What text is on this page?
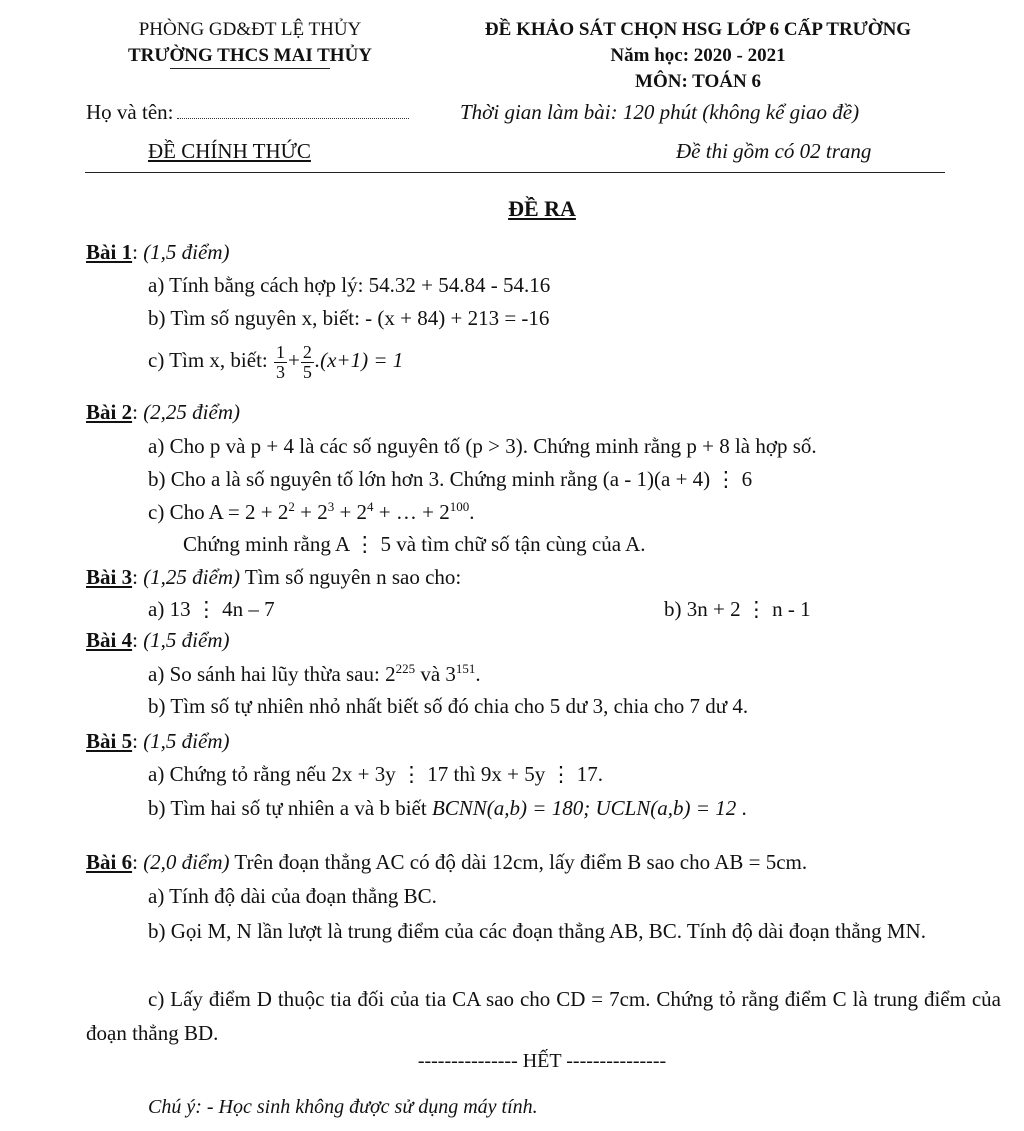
PHÒNG GD&ĐT LỆ THỦY
TRƯỜNG THCS MAI THỦY
ĐỀ KHẢO SÁT CHỌN HSG LỚP 6 CẤP TRƯỜNG
Năm học: 2020 - 2021
MÔN: TOÁN 6
Họ và tên:	Thời gian làm bài: 120 phút (không kể giao đề)
ĐỀ CHÍNH THỨC	Đề thi gồm có 02 trang
ĐỀ RA
Bài 1: (1,5 điểm)
a) Tính bằng cách hợp lý: 54.32 + 54.84 - 54.16
b) Tìm số nguyên x, biết: - (x + 84) + 213 = -16
c) Tìm x, biết: $\frac{1}{3} + \frac{2}{5} .(x+1) = 1$
Bài 2: (2,25 điểm)
a) Cho p và p + 4 là các số nguyên tố (p > 3). Chứng minh rằng p + 8 là hợp số.
b) Cho a là số nguyên tố lớn hơn 3. Chứng minh rằng (a - 1)(a + 4) ⋮ 6
c) Cho $A = 2 + 2^2 + 2^3 + 2^4$ + … + $2^{100}$.
Chứng minh rằng A ⋮ 5 và tìm chữ số tận cùng của A.
Bài 3: (1,25 điểm) Tìm số nguyên n sao cho:
a) 13 ⋮ 4n – 7	b) 3n + 2 ⋮ n - 1
Bài 4: (1,5 điểm)
a) So sánh hai lũy thừa sau: $2^{225}$ và $3^{151}$.
b) Tìm số tự nhiên nhỏ nhất biết số đó chia cho 5 dư 3, chia cho 7 dư 4.
Bài 5: (1,5 điểm)
a) Chứng tỏ rằng nếu 2x + 3y ⋮ 17 thì 9x + 5y ⋮ 17.
b) Tìm hai số tự nhiên a và b biết BCNN(a,b) = 180; UCLN(a,b) = 12 .
Bài 6: (2,0 điểm) Trên đoạn thẳng AC có độ dài 12cm, lấy điểm B sao cho AB = 5cm.
a) Tính độ dài của đoạn thẳng BC.
b) Gọi M, N lần lượt là trung điểm của các đoạn thẳng AB, BC. Tính độ dài đoạn thẳng MN.
c) Lấy điểm D thuộc tia đối của tia CA sao cho CD = 7cm. Chứng tỏ rằng điểm C là trung điểm của đoạn thẳng BD.
--------------- HẾT ---------------
Chú ý: - Học sinh không được sử dụng máy tính.
